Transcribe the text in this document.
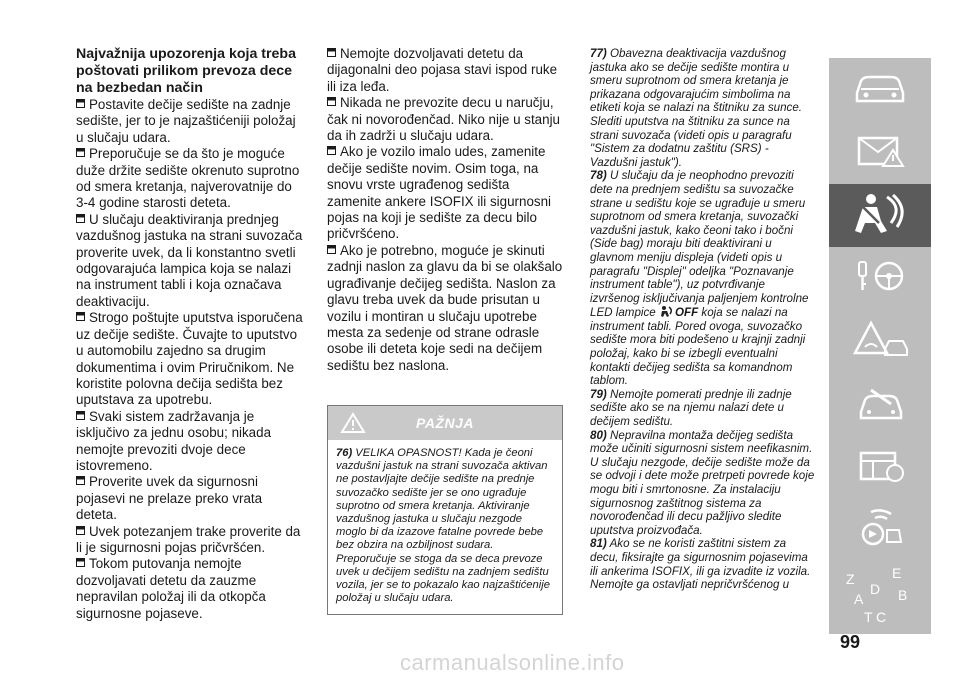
Najvažnija upozorenja koja treba poštovati prilikom prevoza dece na bezbedan način
Postavite dečije sedište na zadnje sedište, jer to je najzaštićeniji položaj u slučaju udara.
Preporučuje se da što je moguće duže držite sedište okrenuto suprotno od smera kretanja, najverovatnije do 3-4 godine starosti deteta.
U slučaju deaktiviranja prednjeg vazdušnog jastuka na strani suvozača proverite uvek, da li konstantno svetli odgovarajuća lampica koja se nalazi na instrument tabli i koja označava deaktivaciju.
Strogo poštujte uputstva isporučena uz dečije sedište. Čuvajte to uputstvo u automobilu zajedno sa drugim dokumentima i ovim Priručnikom. Ne koristite polovna dečija sedišta bez uputstava za upotrebu.
Svaki sistem zadržavanja je isključivo za jednu osobu; nikada nemojte prevoziti dvoje dece istovremeno.
Proverite uvek da sigurnosni pojasevi ne prelaze preko vrata deteta.
Uvek potezanjem trake proverite da li je sigurnosni pojas pričvršćen.
Tokom putovanja nemojte dozvoljavati detetu da zauzme nepravilan položaj ili da otkopča sigurnosne pojaseve.
Nemojte dozvoljavati detetu da dijagonalni deo pojasa stavi ispod ruke ili iza leđa.
Nikada ne prevozite decu u naručju, čak ni novorođenčad. Niko nije u stanju da ih zadrži u slučaju udara.
Ako je vozilo imalo udes, zamenite dečije sedište novim. Osim toga, na snovu vrste ugrađenog sedišta zamenite ankere ISOFIX ili sigurnosni pojas na koji je sedište za decu bilo pričvršćeno.
Ako je potrebno, moguće je skinuti zadnji naslon za glavu da bi se olakšalo ugrađivanje dečijeg sedišta. Naslon za glavu treba uvek da bude prisutan u vozilu i montiran u slučaju upotrebe mesta za sedenje od strane odrasle osobe ili deteta koje sedi na dečijem sedištu bez naslona.
PAŽNJA
76) VELIKA OPASNOST! Kada je čeoni vazdušni jastuk na strani suvozača aktivan ne postavljajte dečije sedište na prednje suvozačko sedište jer se ono ugrađuje suprotno od smera kretanja. Aktiviranje vazdušnog jastuka u slučaju nezgode moglo bi da izazove fatalne povrede bebe bez obzira na ozbiljnost sudara. Preporučuje se stoga da se deca prevoze uvek u dečijem sedištu na zadnjem sedištu vozila, jer se to pokazalo kao najzaštićenije položaj u slučaju udara.

77) Obavezna deaktivacija vazdušnog jastuka ako se dečije sedište montira u smeru suprotnom od smera kretanja je prikazana odgovarajućim simbolima na etiketi koja se nalazi na štitniku za sunce. Slediti uputstva na štitniku za sunce na strani suvozača (videti opis u paragrafu "Sistem za dodatnu zaštitu (SRS) - Vazdušni jastuk").

78) U slučaju da je neophodno prevoziti dete na prednjem sedištu sa suvozačke strane u sedištu koje se ugrađuje u smeru suprotnom od smera kretanja, suvozački vazdušni jastuk, kako čeoni tako i bočni (Side bag) moraju biti deaktivirani u glavnom meniju displeja (videti opis u paragrafu "Displej" odeljka "Poznavanje instrument table"), uz potvrđivanje izvršenog isključivanja paljenjem kontrolne LED lampice OFF koja se nalazi na instrument tabli. Pored ovoga, suvozačko sedište mora biti podešeno u krajnji zadnji položaj, kako bi se izbegli eventualni kontakti dečijeg sedišta sa komandnom tablom.

79) Nemojte pomerati prednje ili zadnje sedište ako se na njemu nalazi dete u dečijem sedištu.

80) Nepravilna montaža dečijeg sedišta može učiniti sigurnosni sistem neefikasnim. U slučaju nezgode, dečije sedište može da se odvoji i dete može pretrpeti povrede koje mogu biti i smrtonosne. Za instalaciju sigurnosnog zaštitnog sistema za novorođenčad ili decu pažljivo sledite uputstva proizvođača.

81) Ako se ne koristi zaštitni sistem za decu, fiksirajte ga sigurnosnim pojasevima ili ankerima ISOFIX, ili ga izvadite iz vozila. Nemojte ga ostavljati nepričvršćenog u	Z	E
A B
D
C
T
99
carmanualsonline.info
